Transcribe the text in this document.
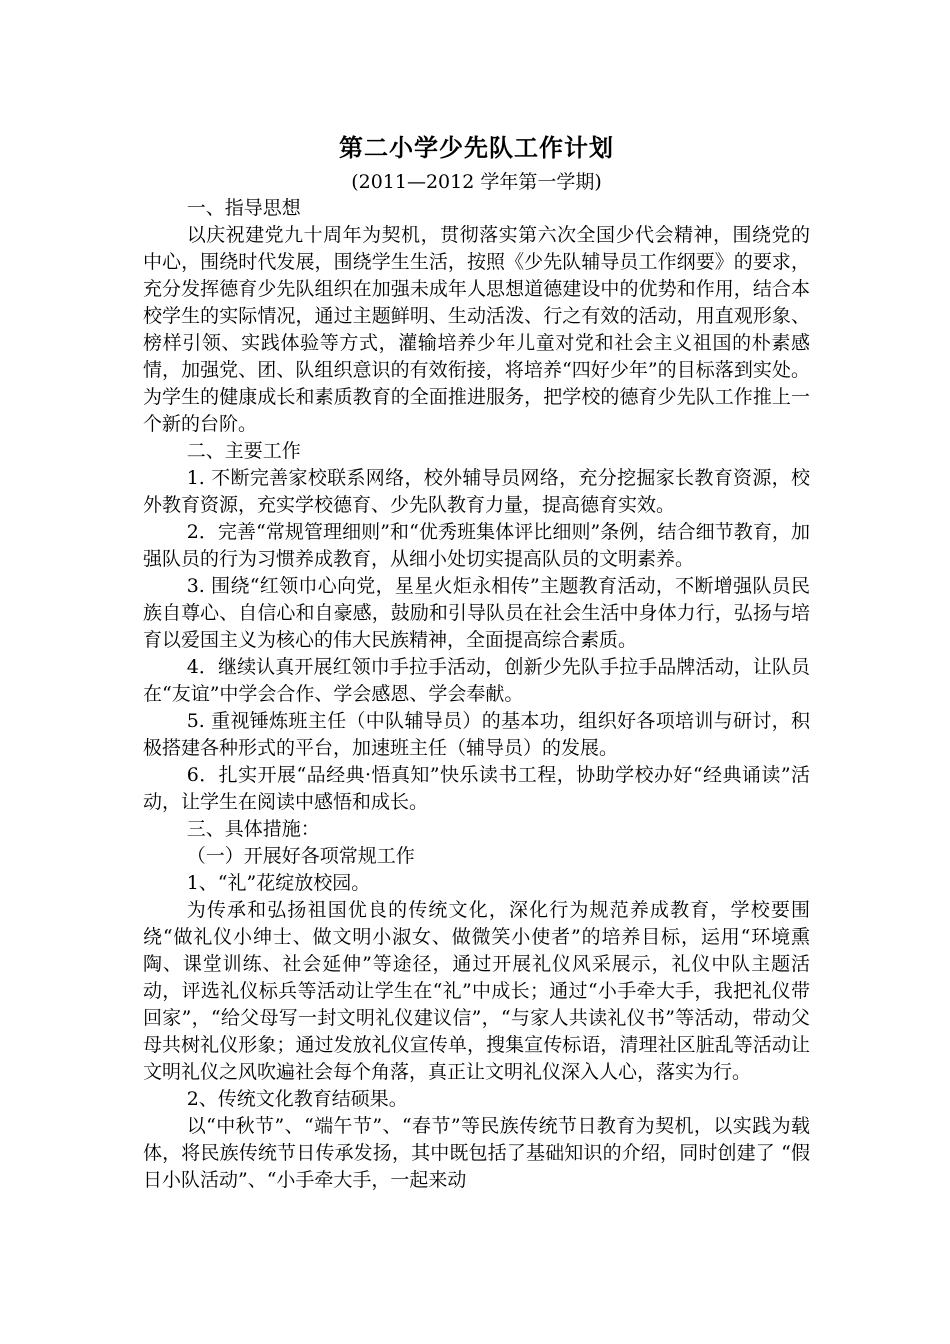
第二小学少先队工作计划
(2011—2012 学年第一学期)

一、指导思想

以庆祝建党九十周年为契机，贯彻落实第六次全国少代会精神，围绕党的中心，围绕时代发展，围绕学生生活，按照《少先队辅导员工作纲要》的要求，充分发挥德育少先队组织在加强未成年人思想道德建设中的优势和作用，结合本校学生的实际情况，通过主题鲜明、生动活泼、行之有效的活动，用直观形象、榜样引领、实践体验等方式，灌输培养少年儿童对党和社会主义祖国的朴素感情，加强党、团、队组织意识的有效衔接，将培养“四好少年”的目标落到实处。为学生的健康成长和素质教育的全面推进服务，把学校的德育少先队工作推上一个新的台阶。

二、主要工作

1. 不断完善家校联系网络，校外辅导员网络，充分挖掘家长教育资源，校外教育资源，充实学校德育、少先队教育力量，提高德育实效。

2．完善“常规管理细则”和“优秀班集体评比细则”条例，结合细节教育，加强队员的行为习惯养成教育，从细小处切实提高队员的文明素养。

3. 围绕“红领巾心向党，星星火炬永相传”主题教育活动，不断增强队员民族自尊心、自信心和自豪感，鼓励和引导队员在社会生活中身体力行，弘扬与培育以爱国主义为核心的伟大民族精神，全面提高综合素质。

4．继续认真开展红领巾手拉手活动，创新少先队手拉手品牌活动，让队员在“友谊”中学会合作、学会感恩、学会奉献。

5. 重视锤炼班主任（中队辅导员）的基本功，组织好各项培训与研讨，积极搭建各种形式的平台，加速班主任（辅导员）的发展。

6．扎实开展“品经典·悟真知”快乐读书工程，协助学校办好“经典诵读”活动，让学生在阅读中感悟和成长。

三、具体措施：

（一）开展好各项常规工作

1、“礼”花绽放校园。

为传承和弘扬祖国优良的传统文化，深化行为规范养成教育，学校要围绕“做礼仪小绅士、做文明小淑女、做微笑小使者”的培养目标，运用“环境熏陶、课堂训练、社会延伸”等途径，通过开展礼仪风采展示，礼仪中队主题活动，评选礼仪标兵等活动让学生在“礼”中成长；通过“小手牵大手，我把礼仪带回家”，“给父母写一封文明礼仪建议信”，“与家人共读礼仪书”等活动，带动父母共树礼仪形象；通过发放礼仪宣传单，搜集宣传标语，清理社区脏乱等活动让文明礼仪之风吹遍社会每个角落，真正让文明礼仪深入人心，落实为行。

2、传统文化教育结硕果。

以“中秋节”、“端午节”、“春节”等民族传统节日教育为契机，以实践为载体，将民族传统节日传承发扬，其中既包括了基础知识的介绍，同时创建了 “假日小队活动”、“小手牵大手，一起来动
